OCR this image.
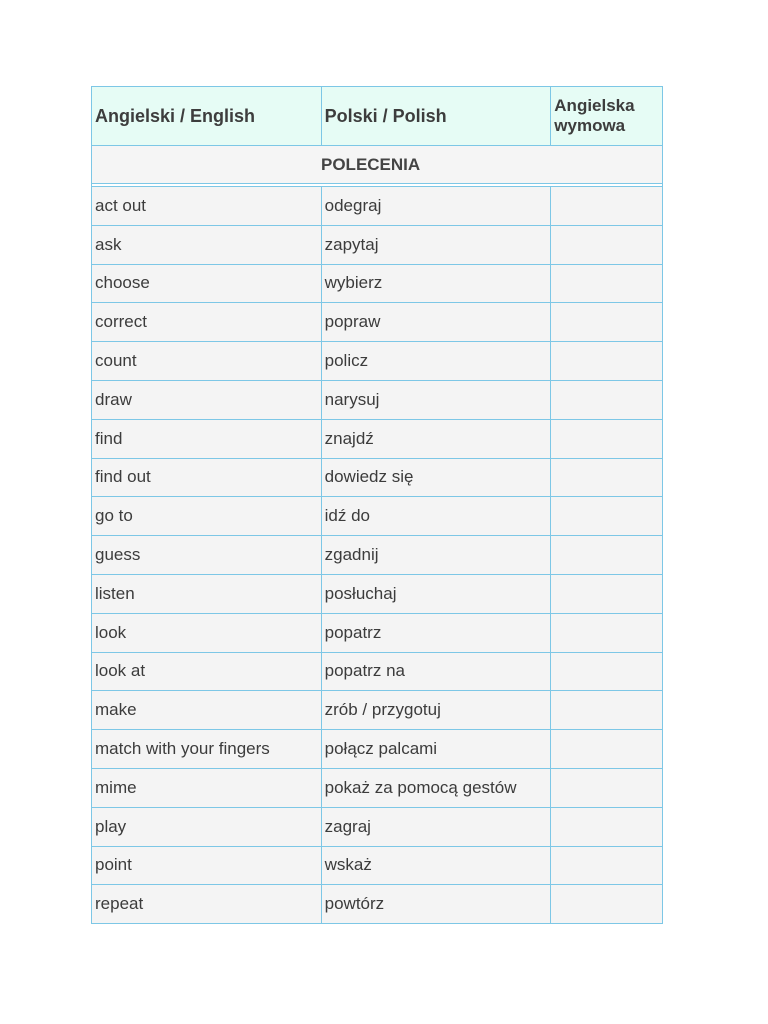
Angielski / English	Polski / Polish	Angielska wymowa
POLECENIA		

act out	odegraj	
ask	zapytaj	
choose	wybierz	
correct	popraw	
count	policz	
draw	narysuj	
find	znajdź	
find out	dowiedz się	
go to	idź do	
guess	zgadnij	
listen	posłuchaj	
look	popatrz	
look at	popatrz na	
make	zrób / przygotuj	
match with your fingers	połącz palcami	
mime	pokaż za pomocą gestów	
play	zagraj	
point	wskaż	
repeat	powtórz	
